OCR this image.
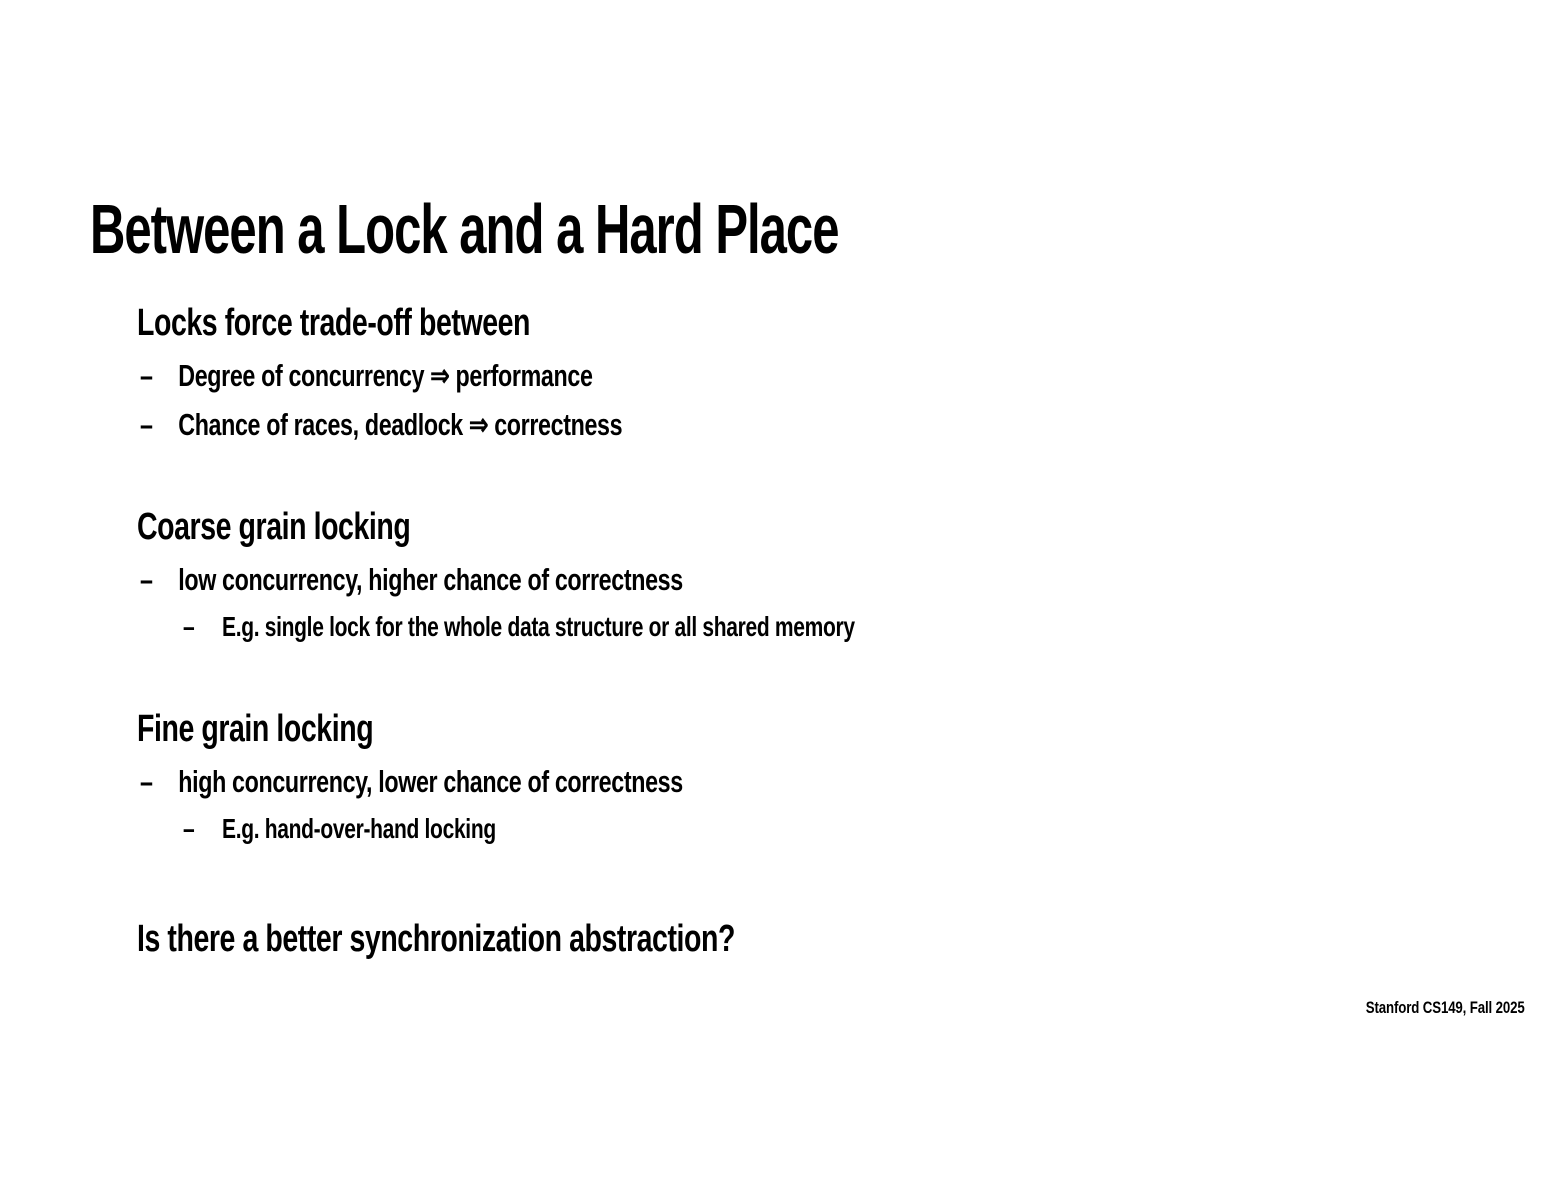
Between a Lock and a Hard Place
Locks force trade-off between
– Degree of concurrency ⇒ performance
– Chance of races, deadlock ⇒ correctness
Coarse grain locking
– low concurrency, higher chance of correctness
– E.g. single lock for the whole data structure or all shared memory
Fine grain locking
– high concurrency, lower chance of correctness
– E.g. hand-over-hand locking
Is there a better synchronization abstraction?
Stanford CS149, Fall 2025
